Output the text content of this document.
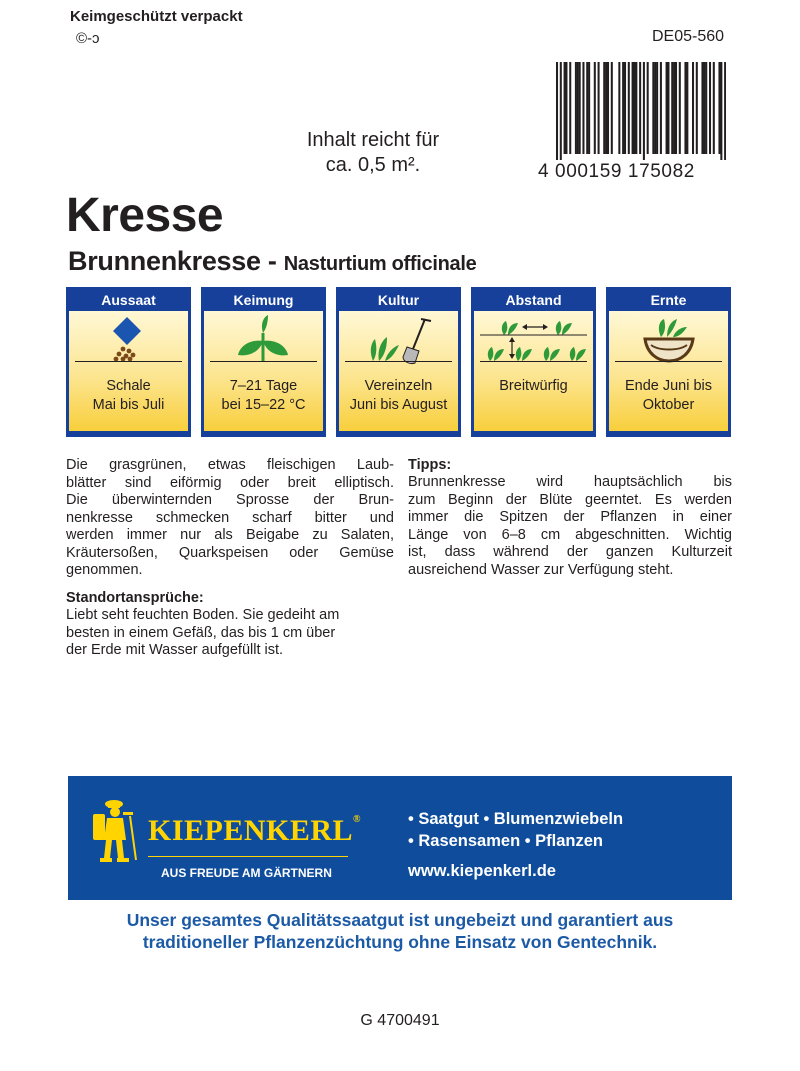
Keimgeschützt verpackt
©-ↄ	DE05-560
4 000159 175082
Inhalt reicht für
ca. 0,5 m².
Kresse
Brunnenkresse - Nasturtium officinale
Aussaat
Schale
Mai bis Juli
Keimung
7–21 Tage
bei 15–22 °C
Kultur
Vereinzeln
Juni bis August
Abstand
Breitwürfig
Ernte
Ende Juni bis
Oktober
Die grasgrünen, etwas fleischigen Laub-
blätter sind eiförmig oder breit elliptisch.
Die überwinternden Sprosse der Brun-
nenkresse schmecken scharf bitter und
werden immer nur als Beigabe zu Salaten,
Kräutersoßen, Quarkspeisen oder Gemüse
genommen.
Standortansprüche:
Liebt seht feuchten Boden. Sie gedeiht am
besten in einem Gefäß, das bis 1 cm über
der Erde mit Wasser aufgefüllt ist.
Tipps:
Brunnenkresse wird hauptsächlich bis
zum Beginn der Blüte geerntet. Es werden
immer die Spitzen der Pflanzen in einer
Länge von 6–8 cm abgeschnitten. Wichtig
ist, dass während der ganzen Kulturzeit
ausreichend Wasser zur Verfügung steht.
KIEPENKERL®
AUS FREUDE AM GÄRTNERN
• Saatgut • Blumenzwiebeln
• Rasensamen • Pflanzen
www.kiepenkerl.de
Unser gesamtes Qualitätssaatgut ist ungebeizt und garantiert aus
traditioneller Pflanzenzüchtung ohne Einsatz von Gentechnik.
G 4700491
